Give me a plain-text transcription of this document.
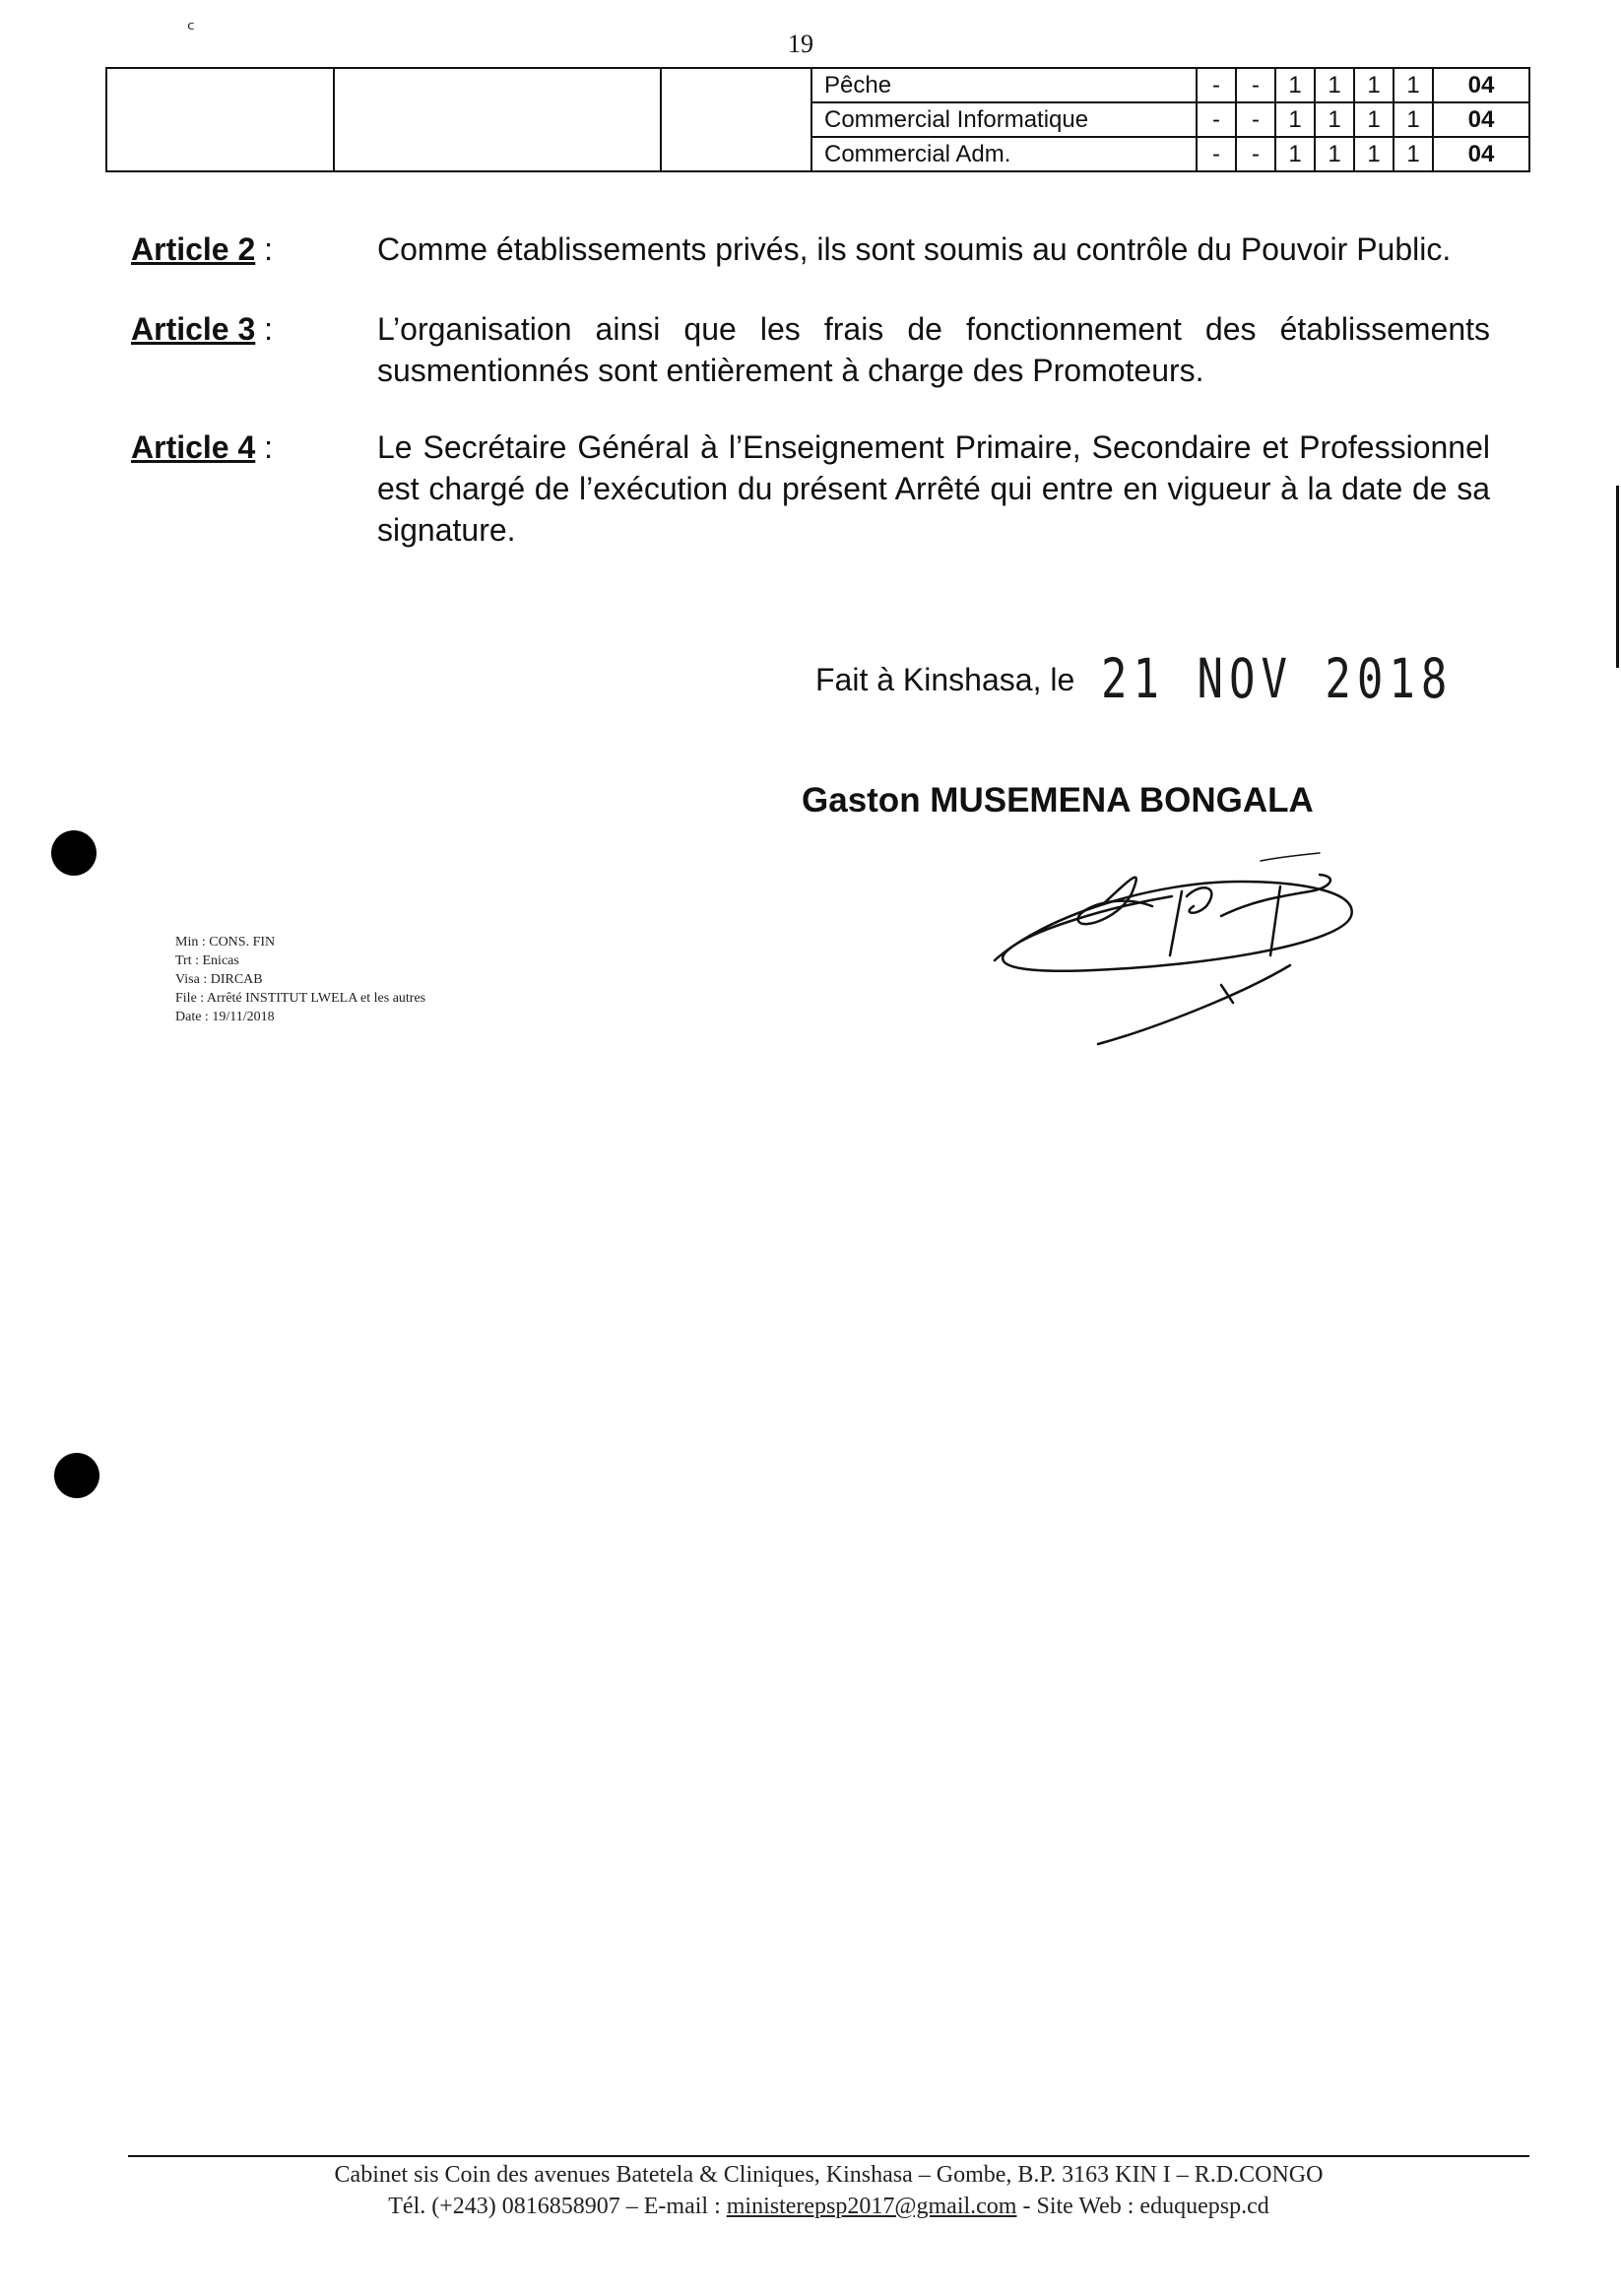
ᶜ	19
			Pêche	-	-	1	1	1	1	04
			Commercial Informatique	-	-	1	1	1	1	04
			Commercial Adm.	-	-	1	1	1	1	04
Article 2 :	Comme établissements privés, ils sont soumis au contrôle du Pouvoir Public.
Article 3 :	L’organisation ainsi que les frais de fonctionnement des établissements susmentionnés sont entièrement à charge des Promoteurs.
Article 4 :	Le Secrétaire Général à l’Enseignement Primaire, Secondaire et Professionnel est chargé de l’exécution du présent Arrêté qui entre en vigueur à la date de sa signature.
Fait à Kinshasa, le 21 NOV 2018
Gaston MUSEMENA BONGALA
Min : CONS. FIN
Trt : Enicas
Visa : DIRCAB
File : Arrêté INSTITUT LWELA et les autres
Date : 19/11/2018
Cabinet sis Coin des avenues Batetela & Cliniques, Kinshasa – Gombe, B.P. 3163 KIN I – R.D.CONGO
Tél. (+243) 0816858907 – E-mail : ministerepsp2017@gmail.com - Site Web : eduquepsp.cd
